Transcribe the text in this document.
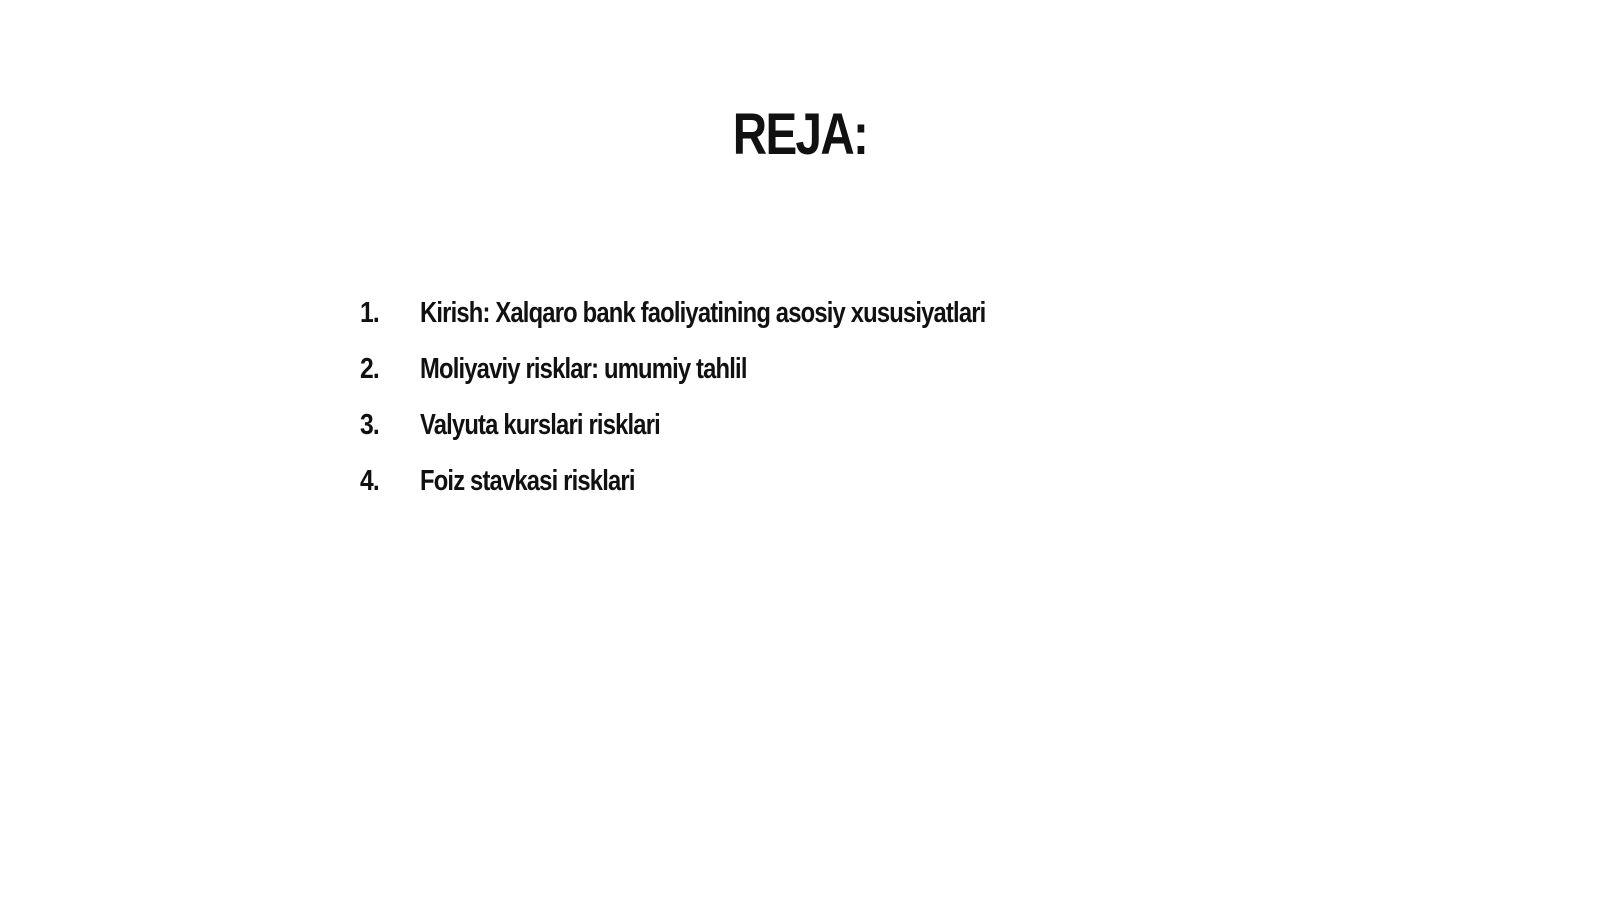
REJA:
1.	Kirish: Xalqaro bank faoliyatining asosiy xususiyatlari
2.	Moliyaviy risklar: umumiy tahlil
3.	Valyuta kurslari risklari
4.	Foiz stavkasi risklari
